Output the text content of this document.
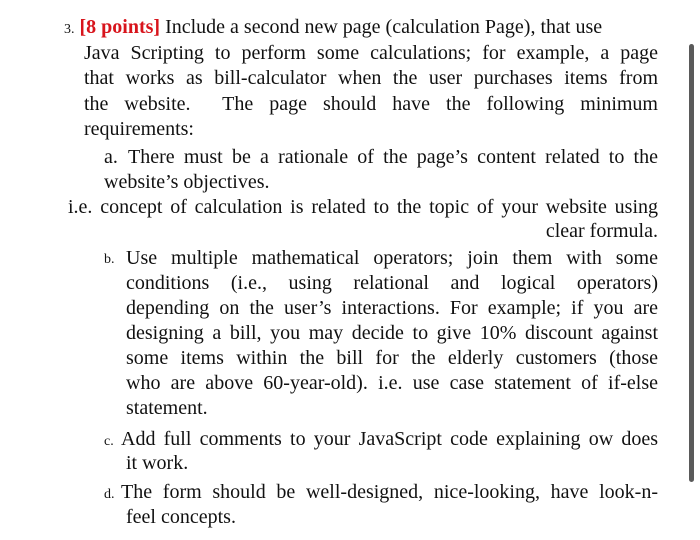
3. [8 points] Include a second new page (calculation Page), that use
Java Scripting to perform some calculations; for example, a page
that works as bill-calculator when the user purchases items from
the website.  The page should have the following minimum
requirements:
a. There must be a rationale of the page’s content related to the
website’s objectives.
i.e. concept of calculation is related to the topic of your website using
clear formula.
b. Use multiple mathematical operators; join them with some
conditions (i.e., using relational and logical operators)
depending on the user’s interactions. For example; if you are
designing a bill, you may decide to give 10% discount against
some items within the bill for the elderly customers (those
who are above 60-year-old). i.e. use case statement of if-else
statement.
c. Add full comments to your JavaScript code explaining ow does
it work.
d. The form should be well-designed, nice-looking, have look-n-
feel concepts.
